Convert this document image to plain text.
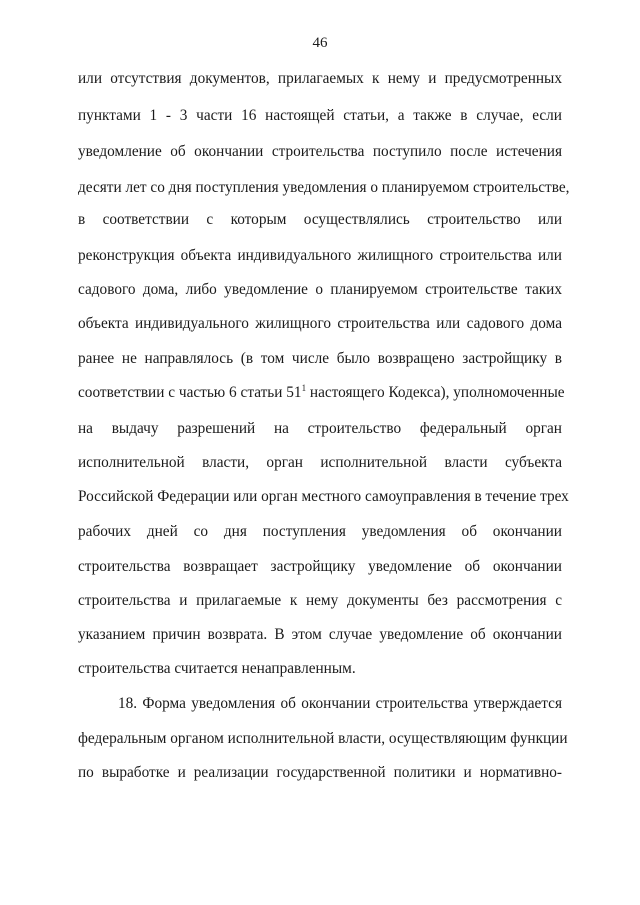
46
или отсутствия документов, прилагаемых к нему и предусмотренных
пунктами 1 - 3 части 16 настоящей статьи, а также в случае, если
уведомление об окончании строительства поступило после истечения
десяти лет со дня поступления уведомления о планируемом строительстве,
в соответствии с которым осуществлялись строительство или
реконструкция объекта индивидуального жилищного строительства или
садового дома, либо уведомление о планируемом строительстве таких
объекта индивидуального жилищного строительства или садового дома
ранее не направлялось (в том числе было возвращено застройщику в
соответствии с частью 6 статьи $51^1$ настоящего Кодекса), уполномоченные
на выдачу разрешений на строительство федеральный орган
исполнительной власти, орган исполнительной власти субъекта
Российской Федерации или орган местного самоуправления в течение трех
рабочих дней со дня поступления уведомления об окончании
строительства возвращает застройщику уведомление об окончании
строительства и прилагаемые к нему документы без рассмотрения с
указанием причин возврата. В этом случае уведомление об окончании
строительства считается ненаправленным.
18. Форма уведомления об окончании строительства утверждается
федеральным органом исполнительной власти, осуществляющим функции
по выработке и реализации государственной политики и нормативно-
